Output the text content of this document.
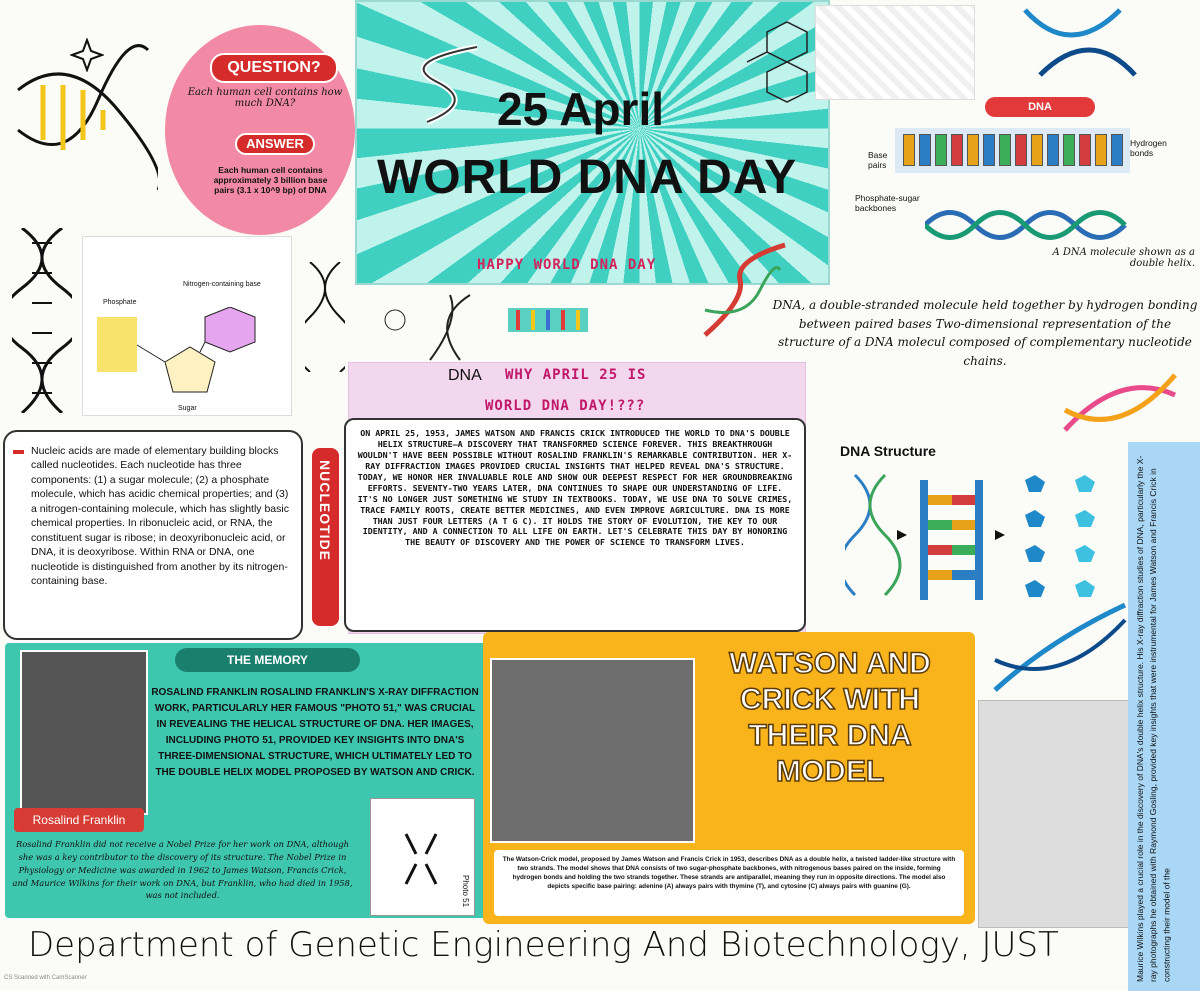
QUESTION?
Each human cell contains how much DNA?
ANSWER
Each human cell contains approximately 3 billion base pairs (3.1 x 10^9 bp) of DNA
25 April
WORLD DNA DAY
HAPPY WORLD DNA DAY
DNA
Base pairs
Hydrogen bonds
Phosphate-sugar backbones
A DNA molecule shown as a double helix.
DNA, a double-stranded molecule held together by hydrogen bonding between paired bases Two-dimensional representation of the structure of a DNA molecul composed of complementary nucleotide chains.
Phosphate
Nitrogen-containing base
Sugar
Nucleic acids are made of elementary building blocks called nucleotides. Each nucleotide has three components: (1) a sugar molecule; (2) a phosphate molecule, which has acidic chemical properties; and (3) a nitrogen-containing molecule, which has slightly basic chemical properties. In ribonucleic acid, or RNA, the constituent sugar is ribose; in deoxyribonucleic acid, or DNA, it is deoxyribose. Within RNA or DNA, one nucleotide is distinguished from another by its nitrogen-containing base.
NUCLEOTIDE
DNA WHY APRIL 25 IS
WORLD DNA DAY!???
ON APRIL 25, 1953, JAMES WATSON AND FRANCIS CRICK INTRODUCED THE WORLD TO DNA'S DOUBLE HELIX STRUCTURE—A DISCOVERY THAT TRANSFORMED SCIENCE FOREVER. THIS BREAKTHROUGH WOULDN'T HAVE BEEN POSSIBLE WITHOUT ROSALIND FRANKLIN'S REMARKABLE CONTRIBUTION. HER X-RAY DIFFRACTION IMAGES PROVIDED CRUCIAL INSIGHTS THAT HELPED REVEAL DNA'S STRUCTURE. TODAY, WE HONOR HER INVALUABLE ROLE AND SHOW OUR DEEPEST RESPECT FOR HER GROUNDBREAKING EFFORTS. SEVENTY-TWO YEARS LATER, DNA CONTINUES TO SHAPE OUR UNDERSTANDING OF LIFE. IT'S NO LONGER JUST SOMETHING WE STUDY IN TEXTBOOKS. TODAY, WE USE DNA TO SOLVE CRIMES, TRACE FAMILY ROOTS, CREATE BETTER MEDICINES, AND EVEN IMPROVE AGRICULTURE. DNA IS MORE THAN JUST FOUR LETTERS (A T G C). IT HOLDS THE STORY OF EVOLUTION, THE KEY TO OUR IDENTITY, AND A CONNECTION TO ALL LIFE ON EARTH. LET'S CELEBRATE THIS DAY BY HONORING THE BEAUTY OF DISCOVERY AND THE POWER OF SCIENCE TO TRANSFORM LIVES.
DNA Structure
THE MEMORY
ROSALIND FRANKLIN ROSALIND FRANKLIN'S X-RAY DIFFRACTION WORK, PARTICULARLY HER FAMOUS "PHOTO 51," WAS CRUCIAL IN REVEALING THE HELICAL STRUCTURE OF DNA. HER IMAGES, INCLUDING PHOTO 51, PROVIDED KEY INSIGHTS INTO DNA'S THREE-DIMENSIONAL STRUCTURE, WHICH ULTIMATELY LED TO THE DOUBLE HELIX MODEL PROPOSED BY WATSON AND CRICK.
Rosalind Franklin
Rosalind Franklin did not receive a Nobel Prize for her work on DNA, although she was a key contributor to the discovery of its structure. The Nobel Prize in Physiology or Medicine was awarded in 1962 to James Watson, Francis Crick, and Maurice Wilkins for their work on DNA, but Franklin, who had died in 1958, was not included.	Photo 51
WATSON AND CRICK WITH THEIR DNA MODEL
The Watson-Crick model, proposed by James Watson and Francis Crick in 1953, describes DNA as a double helix, a twisted ladder-like structure with two strands. The model shows that DNA consists of two sugar-phosphate backbones, with nitrogenous bases paired on the inside, forming hydrogen bonds and holding the two strands together. These strands are antiparallel, meaning they run in opposite directions. The model also depicts specific base pairing: adenine (A) always pairs with thymine (T), and cytosine (C) always pairs with guanine (G).	Maurice Wilkins played a crucial role in the discovery of DNA's double helix structure. His X-ray diffraction studies of DNA, particularly the X-ray photographs he obtained with Raymond Gosling, provided key insights that were instrumental for James Watson and Francis Crick in constructing their model of the
Department of Genetic Engineering And Biotechnology, JUST
CS Scanned with CamScanner
